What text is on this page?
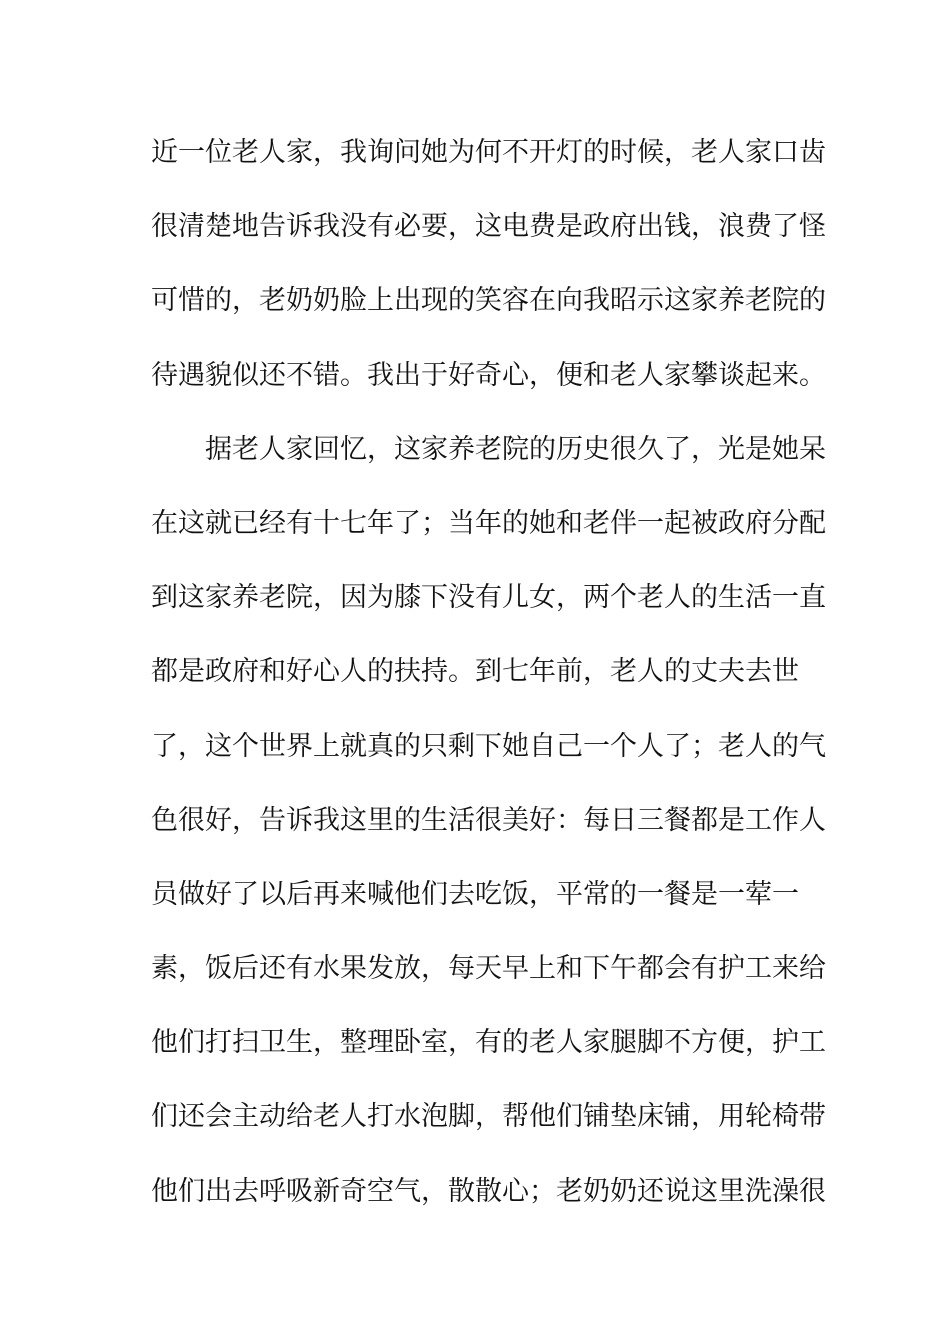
近一位老人家，我询问她为何不开灯的时候，老人家口齿
很清楚地告诉我没有必要，这电费是政府出钱，浪费了怪
可惜的，老奶奶脸上出现的笑容在向我昭示这家养老院的
待遇貌似还不错。我出于好奇心，便和老人家攀谈起来。
据老人家回忆，这家养老院的历史很久了，光是她呆
在这就已经有十七年了；当年的她和老伴一起被政府分配
到这家养老院，因为膝下没有儿女，两个老人的生活一直
都是政府和好心人的扶持。到七年前，老人的丈夫去世
了，这个世界上就真的只剩下她自己一个人了；老人的气
色很好，告诉我这里的生活很美好：每日三餐都是工作人
员做好了以后再来喊他们去吃饭，平常的一餐是一荤一
素，饭后还有水果发放，每天早上和下午都会有护工来给
他们打扫卫生，整理卧室，有的老人家腿脚不方便，护工
们还会主动给老人打水泡脚，帮他们铺垫床铺，用轮椅带
他们出去呼吸新奇空气，散散心；老奶奶还说这里洗澡很
